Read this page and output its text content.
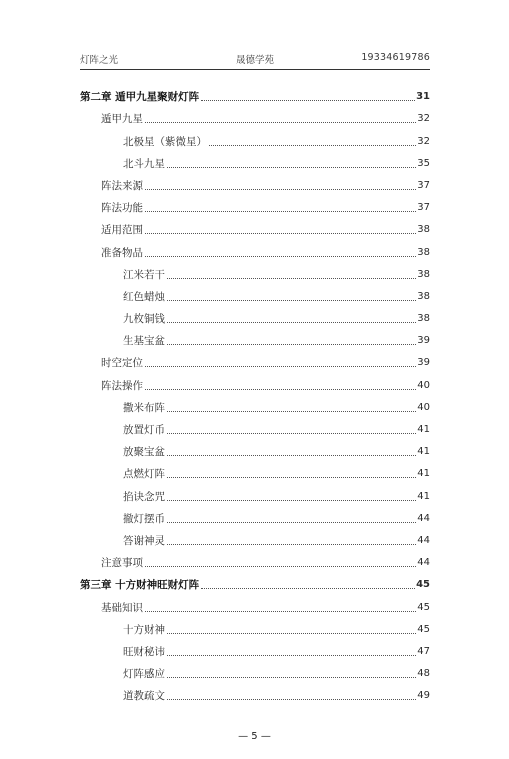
灯阵之光	晟德学苑	19334619786
第二章 遁甲九星聚财灯阵	31
遁甲九星	32
北极星（紫微星）	32
北斗九星	35
阵法来源	37
阵法功能	37
适用范围	38
准备物品	38
江米若干	38
红色蜡烛	38
九枚铜钱	38
生基宝盆	39
时空定位	39
阵法操作	40
撒米布阵	40
放置灯币	41
放聚宝盆	41
点燃灯阵	41
掐诀念咒	41
撤灯摆币	44
答谢神灵	44
注意事项	44
第三章 十方财神旺财灯阵	45
基础知识	45
十方财神	45
旺财秘讳	47
灯阵感应	48
道教疏文	49
— 5 —
